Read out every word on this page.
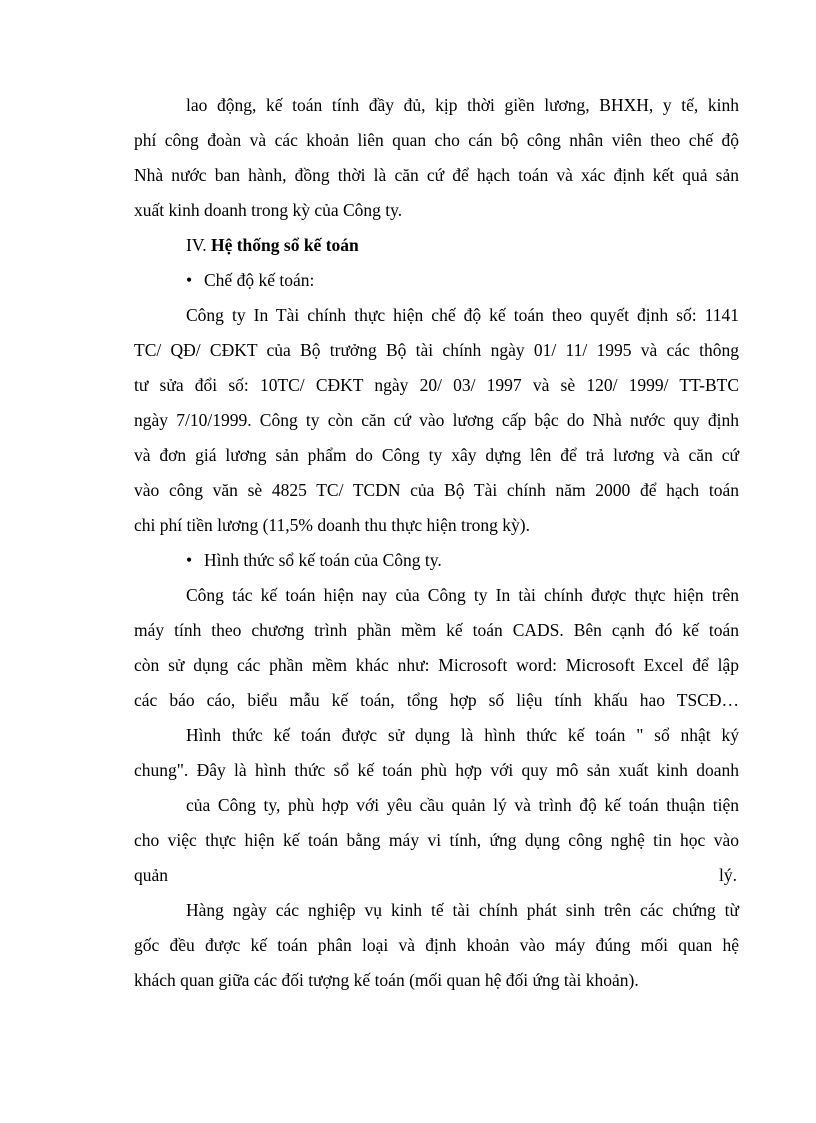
lao động, kế toán tính đầy đủ, kịp thời giền lương, BHXH, y tế, kinh
phí công đoàn và các khoản liên quan cho cán bộ công nhân viên theo chế độ
Nhà nước ban hành, đồng thời là căn cứ để hạch toán và xác định kết quả sản
xuất kinh doanh trong kỳ của Công ty.
IV. Hệ thống sổ kế toán
• Chế độ kế toán:
Công ty In Tài chính thực hiện chế độ kế toán theo quyết định số: 1141
TC/ QĐ/ CĐKT của Bộ trưởng Bộ tài chính ngày 01/ 11/ 1995 và các thông
tư sửa đổi số: 10TC/ CĐKT ngày 20/ 03/ 1997 và sè 120/ 1999/ TT-BTC
ngày 7/10/1999. Công ty còn căn cứ vào lương cấp bậc do Nhà nước quy định
và đơn giá lương sản phẩm do Công ty xây dựng lên để trả lương và căn cứ
vào công văn sè 4825 TC/ TCDN của Bộ Tài chính năm 2000 để hạch toán
chi phí tiền lương (11,5% doanh thu thực hiện trong kỳ).
• Hình thức sổ kế toán của Công ty.
Công tác kế toán hiện nay của Công ty In tài chính được thực hiện trên
máy tính theo chương trình phần mềm kế toán CADS. Bên cạnh đó kế toán
còn sử dụng các phần mềm khác như: Microsoft word: Microsoft Excel để lập
các báo cáo, biểu mẫu kế toán, tổng hợp số liệu tính khấu hao TSCĐ…
Hình thức kế toán được sử dụng là hình thức kế toán " sổ nhật ký
chung". Đây là hình thức sổ kế toán phù hợp với quy mô sản xuất kinh doanh
của Công ty, phù hợp với yêu cầu quản lý và trình độ kế toán thuận tiện
cho việc thực hiện kế toán bằng máy vi tính, ứng dụng công nghệ tin học vào
quản	lý.
Hàng ngày các nghiệp vụ kinh tế tài chính phát sinh trên các chứng từ
gốc đều được kế toán phân loại và định khoản vào máy đúng mối quan hệ
khách quan giữa các đối tượng kế toán (mối quan hệ đối ứng tài khoản).
